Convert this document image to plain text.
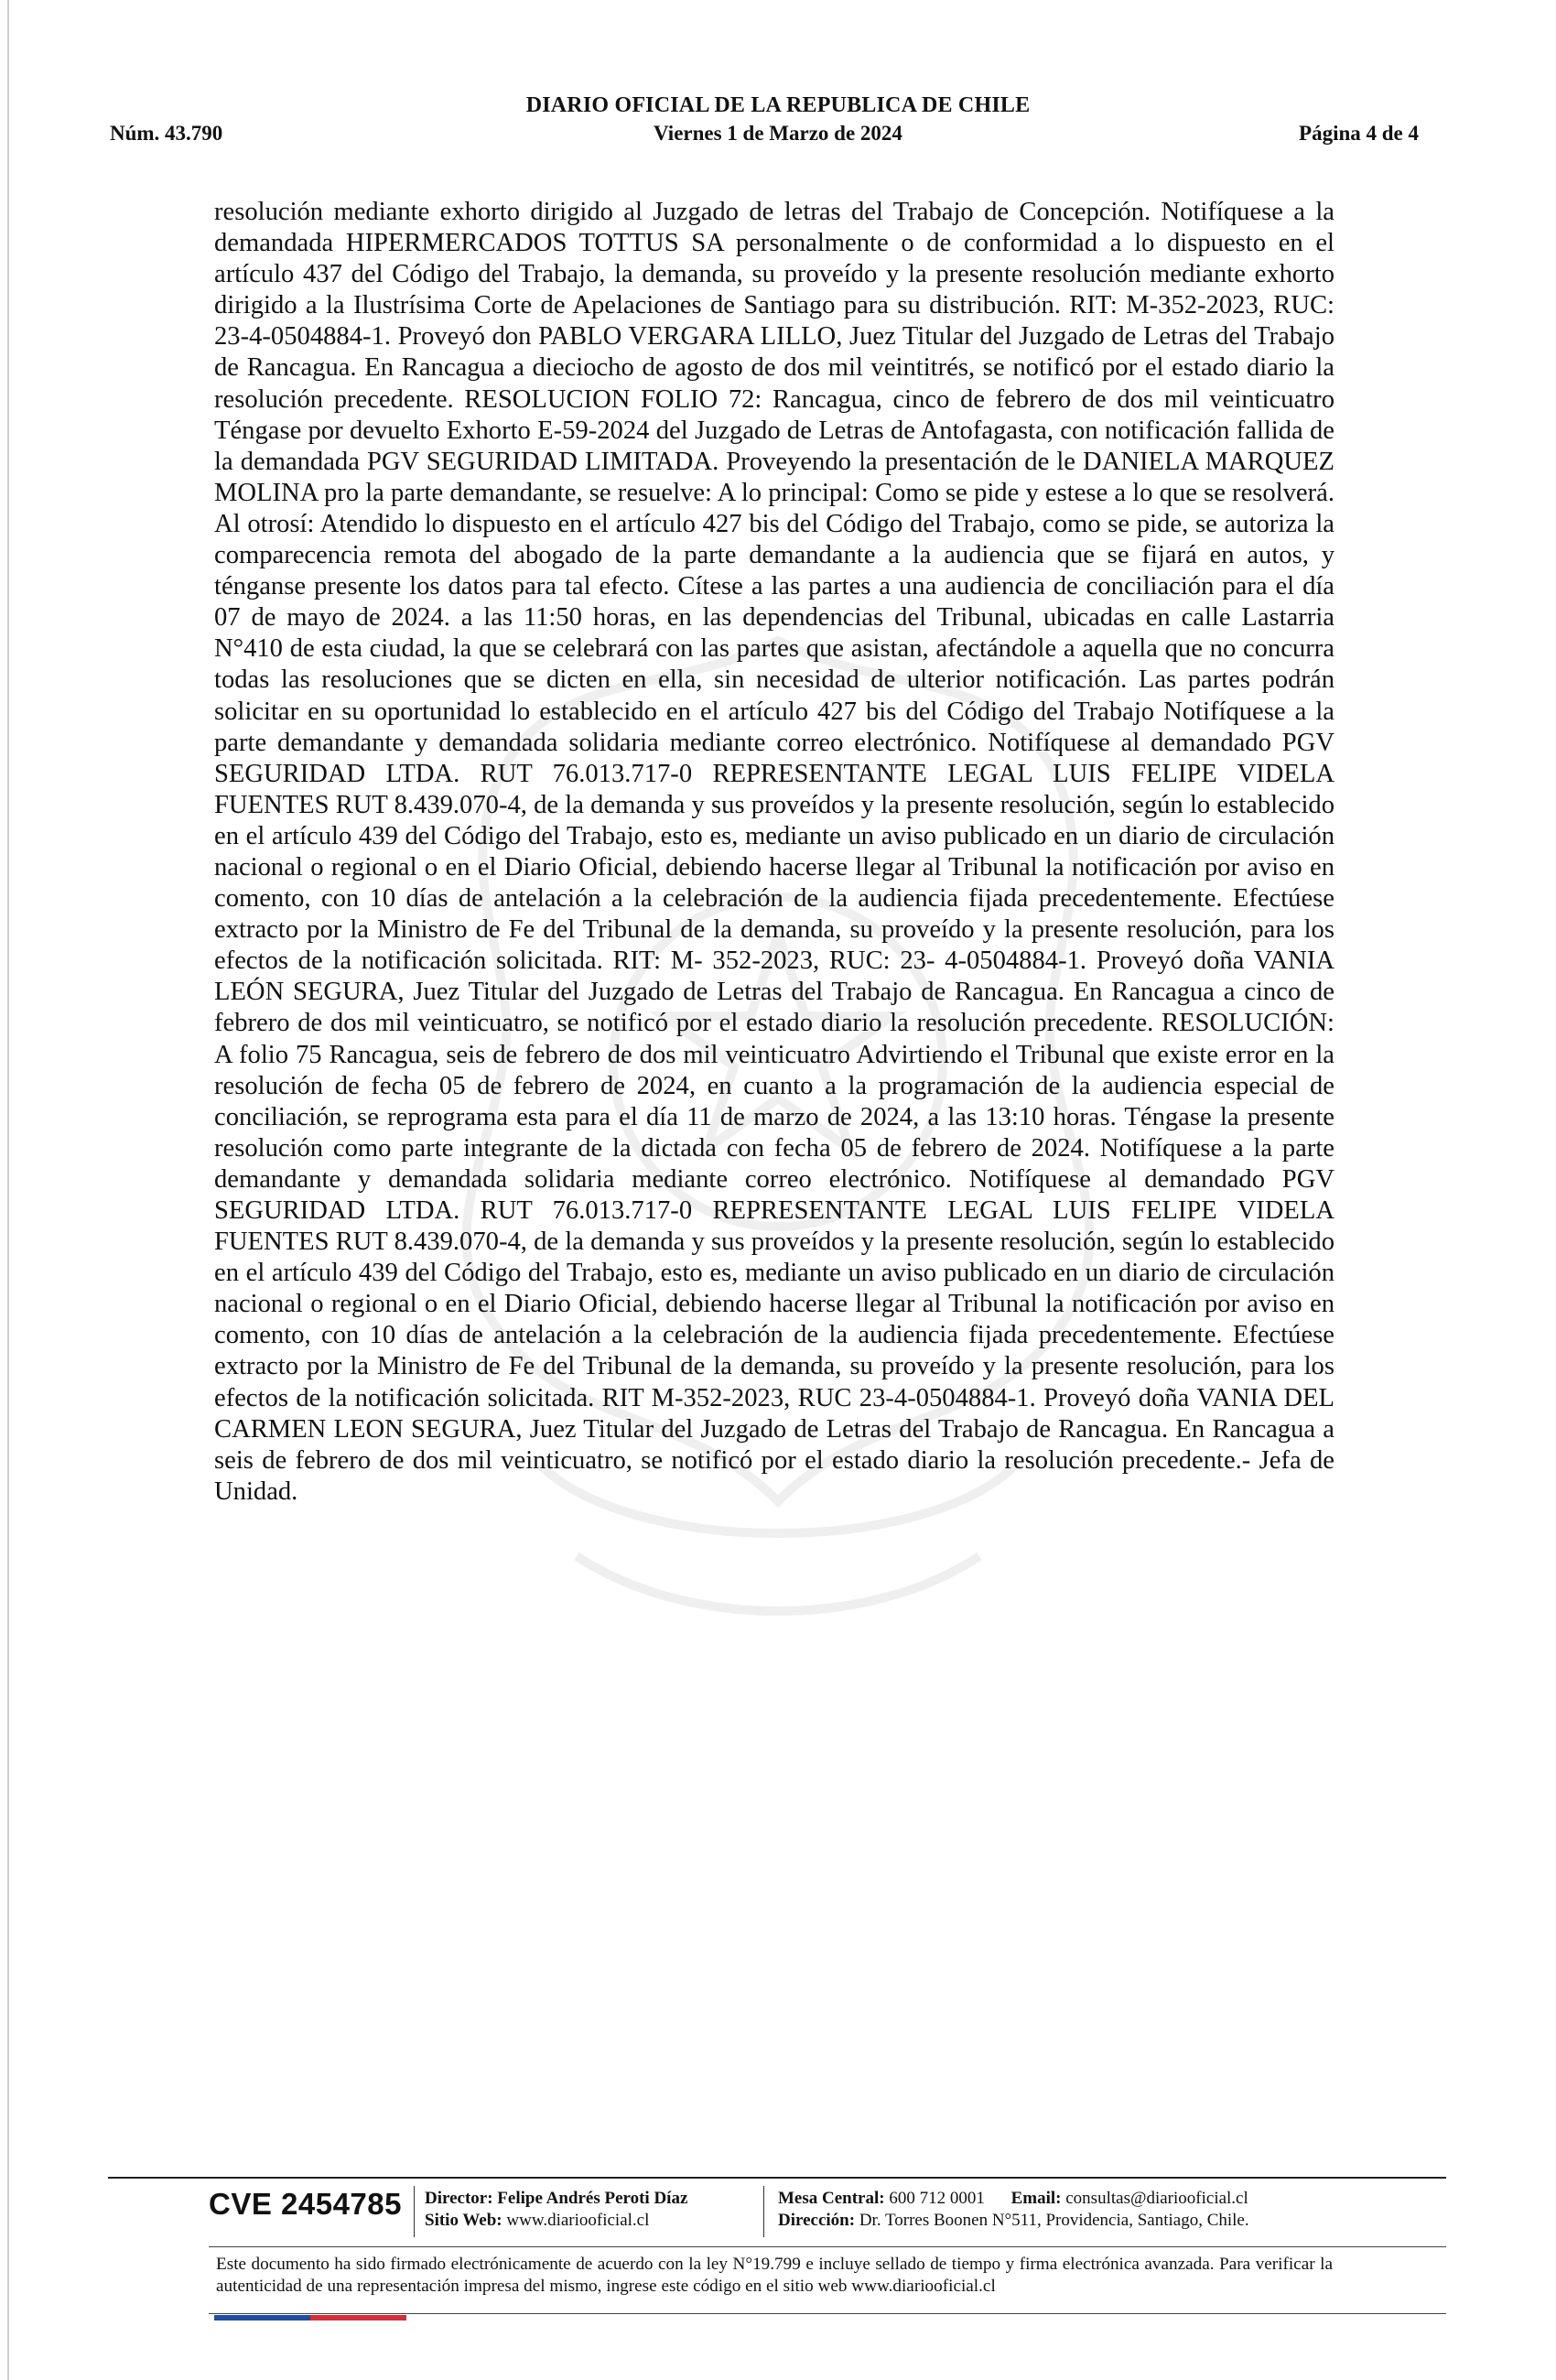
DIARIO OFICIAL DE LA REPUBLICA DE CHILE
Núm. 43.790	Viernes 1 de Marzo de 2024	Página 4 de 4

resolución mediante exhorto dirigido al Juzgado de letras del Trabajo de Concepción. Notifíquese a la demandada HIPERMERCADOS TOTTUS SA personalmente o de conformidad a lo dispuesto en el artículo 437 del Código del Trabajo, la demanda, su proveído y la presente resolución mediante exhorto dirigido a la Ilustrísima Corte de Apelaciones de Santiago para su distribución. RIT: M-352-2023, RUC: 23-4-0504884-1. Proveyó don PABLO VERGARA LILLO, Juez Titular del Juzgado de Letras del Trabajo de Rancagua. En Rancagua a dieciocho de agosto de dos mil veintitrés, se notificó por el estado diario la resolución precedente. RESOLUCION FOLIO 72: Rancagua, cinco de febrero de dos mil veinticuatro Téngase por devuelto Exhorto E-59-2024 del Juzgado de Letras de Antofagasta, con notificación fallida de la demandada PGV SEGURIDAD LIMITADA. Proveyendo la presentación de le DANIELA MARQUEZ MOLINA pro la parte demandante, se resuelve: A lo principal: Como se pide y estese a lo que se resolverá. Al otrosí: Atendido lo dispuesto en el artículo 427 bis del Código del Trabajo, como se pide, se autoriza la comparecencia remota del abogado de la parte demandante a la audiencia que se fijará en autos, y ténganse presente los datos para tal efecto. Cítese a las partes a una audiencia de conciliación para el día 07 de mayo de 2024. a las 11:50 horas, en las dependencias del Tribunal, ubicadas en calle Lastarria N°410 de esta ciudad, la que se celebrará con las partes que asistan, afectándole a aquella que no concurra todas las resoluciones que se dicten en ella, sin necesidad de ulterior notificación. Las partes podrán solicitar en su oportunidad lo establecido en el artículo 427 bis del Código del Trabajo Notifíquese a la parte demandante y demandada solidaria mediante correo electrónico. Notifíquese al demandado PGV SEGURIDAD LTDA. RUT 76.013.717-0 REPRESENTANTE LEGAL LUIS FELIPE VIDELA FUENTES RUT 8.439.070-4, de la demanda y sus proveídos y la presente resolución, según lo establecido en el artículo 439 del Código del Trabajo, esto es, mediante un aviso publicado en un diario de circulación nacional o regional o en el Diario Oficial, debiendo hacerse llegar al Tribunal la notificación por aviso en comento, con 10 días de antelación a la celebración de la audiencia fijada precedentemente. Efectúese extracto por la Ministro de Fe del Tribunal de la demanda, su proveído y la presente resolución, para los efectos de la notificación solicitada. RIT: M- 352-2023, RUC: 23- 4-0504884-1. Proveyó doña VANIA LEÓN SEGURA, Juez Titular del Juzgado de Letras del Trabajo de Rancagua. En Rancagua a cinco de febrero de dos mil veinticuatro, se notificó por el estado diario la resolución precedente. RESOLUCIÓN: A folio 75 Rancagua, seis de febrero de dos mil veinticuatro Advirtiendo el Tribunal que existe error en la resolución de fecha 05 de febrero de 2024, en cuanto a la programación de la audiencia especial de conciliación, se reprograma esta para el día 11 de marzo de 2024, a las 13:10 horas. Téngase la presente resolución como parte integrante de la dictada con fecha 05 de febrero de 2024. Notifíquese a la parte demandante y demandada solidaria mediante correo electrónico. Notifíquese al demandado PGV SEGURIDAD LTDA. RUT 76.013.717-0 REPRESENTANTE LEGAL LUIS FELIPE VIDELA FUENTES RUT 8.439.070-4, de la demanda y sus proveídos y la presente resolución, según lo establecido en el artículo 439 del Código del Trabajo, esto es, mediante un aviso publicado en un diario de circulación nacional o regional o en el Diario Oficial, debiendo hacerse llegar al Tribunal la notificación por aviso en comento, con 10 días de antelación a la celebración de la audiencia fijada precedentemente. Efectúese extracto por la Ministro de Fe del Tribunal de la demanda, su proveído y la presente resolución, para los efectos de la notificación solicitada. RIT M-352-2023, RUC 23-4-0504884-1. Proveyó doña VANIA DEL CARMEN LEON SEGURA, Juez Titular del Juzgado de Letras del Trabajo de Rancagua. En Rancagua a seis de febrero de dos mil veinticuatro, se notificó por el estado diario la resolución precedente.- Jefa de Unidad.

CVE 2454785 Director: Felipe Andrés Peroti Díaz
Sitio Web: www.diariooficial.cl
Mesa Central: 600 712 0001 Email: consultas@diariooficial.cl
Dirección: Dr. Torres Boonen N°511, Providencia, Santiago, Chile.
Este documento ha sido firmado electrónicamente de acuerdo con la ley N°19.799 e incluye sellado de tiempo y firma electrónica avanzada. Para verificar la autenticidad de una representación impresa del mismo, ingrese este código en el sitio web www.diariooficial.cl
